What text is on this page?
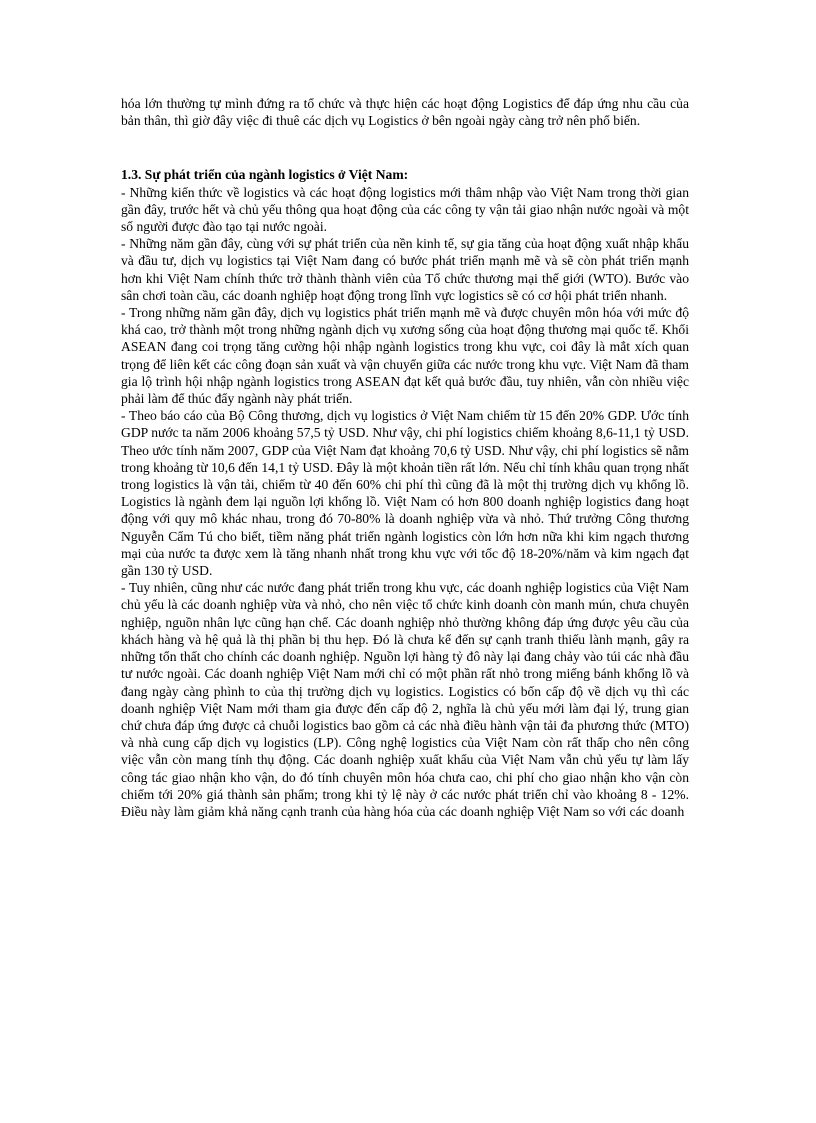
hóa lớn thường tự mình đứng ra tổ chức và thực hiện các hoạt động Logistics để đáp ứng nhu cầu của bản thân, thì giờ đây việc đi thuê các dịch vụ Logistics ở bên ngoài ngày càng trở nên phổ biến.

1.3. Sự phát triển của ngành logistics ở Việt Nam:

- Những kiến thức về logistics và các hoạt động logistics mới thâm nhập vào Việt Nam trong thời gian gần đây, trước hết và chủ yếu thông qua hoạt động của các công ty vận tải giao nhận nước ngoài và một số người được đào tạo tại nước ngoài.

- Những năm gần đây, cùng với sự phát triển của nền kinh tế, sự gia tăng của hoạt động xuất nhập khẩu và đầu tư, dịch vụ logistics tại Việt Nam đang có bước phát triển mạnh mẽ và sẽ còn phát triển mạnh hơn khi Việt Nam chính thức trở thành thành viên của Tổ chức thương mại thế giới (WTO). Bước vào sân chơi toàn cầu, các doanh nghiệp hoạt động trong lĩnh vực logistics sẽ có cơ hội phát triển nhanh.

- Trong những năm gần đây, dịch vụ logistics phát triển mạnh mẽ và được chuyên môn hóa với mức độ khá cao, trở thành một trong những ngành dịch vụ xương sống của hoạt động thương mại quốc tế. Khối ASEAN đang coi trọng tăng cường hội nhập ngành logistics trong khu vực, coi đây là mắt xích quan trọng để liên kết các công đoạn sản xuất và vận chuyển giữa các nước trong khu vực. Việt Nam đã tham gia lộ trình hội nhập ngành logistics trong ASEAN đạt kết quả bước đầu, tuy nhiên, vẫn còn nhiều việc phải làm để thúc đẩy ngành này phát triển.

- Theo báo cáo của Bộ Công thương, dịch vụ logistics ở Việt Nam chiếm từ 15 đến 20% GDP. Ước tính GDP nước ta năm 2006 khoảng 57,5 tỷ USD. Như vậy, chi phí logistics chiếm khoảng 8,6-11,1 tỷ USD. Theo ước tính năm 2007, GDP của Việt Nam đạt khoảng 70,6 tỷ USD. Như vậy, chi phí logistics sẽ nằm trong khoảng từ 10,6 đến 14,1 tỷ USD. Đây là một khoản tiền rất lớn. Nếu chỉ tính khâu quan trọng nhất trong logistics là vận tải, chiếm từ 40 đến 60% chi phí thì cũng đã là một thị trường dịch vụ khổng lồ. Logistics là ngành đem lại nguồn lợi khổng lồ. Việt Nam có hơn 800 doanh nghiệp logistics đang hoạt động với quy mô khác nhau, trong đó 70-80% là doanh nghiệp vừa và nhỏ. Thứ trưởng Công thương Nguyễn Cẩm Tú cho biết, tiềm năng phát triển ngành logistics còn lớn hơn nữa khi kim ngạch thương mại của nước ta được xem là tăng nhanh nhất trong khu vực với tốc độ 18-20%/năm và kim ngạch đạt gần 130 tỷ USD.

- Tuy nhiên, cũng như các nước đang phát triển trong khu vực, các doanh nghiệp logistics của Việt Nam chủ yếu là các doanh nghiệp vừa và nhỏ, cho nên việc tổ chức kinh doanh còn manh mún, chưa chuyên nghiệp, nguồn nhân lực cũng hạn chế. Các doanh nghiệp nhỏ thường không đáp ứng được yêu cầu của khách hàng và hệ quả là thị phần bị thu hẹp. Đó là chưa kể đến sự cạnh tranh thiếu lành mạnh, gây ra những tổn thất cho chính các doanh nghiệp. Nguồn lợi hàng tỷ đô này lại đang chảy vào túi các nhà đầu tư nước ngoài. Các doanh nghiệp Việt Nam mới chỉ có một phần rất nhỏ trong miếng bánh khổng lồ và đang ngày càng phình to của thị trường dịch vụ logistics. Logistics có bốn cấp độ về dịch vụ thì các doanh nghiệp Việt Nam mới tham gia được đến cấp độ 2, nghĩa là chủ yếu mới làm đại lý, trung gian chứ chưa đáp ứng được cả chuỗi logistics bao gồm cả các nhà điều hành vận tải đa phương thức (MTO) và nhà cung cấp dịch vụ logistics (LP). Công nghệ logistics của Việt Nam còn rất thấp cho nên công việc vẫn còn mang tính thụ động. Các doanh nghiệp xuất khẩu của Việt Nam vẫn chủ yếu tự làm lấy công tác giao nhận kho vận, do đó tính chuyên môn hóa chưa cao, chi phí cho giao nhận kho vận còn chiếm tới 20% giá thành sản phẩm; trong khi tỷ lệ này ở các nước phát triển chỉ vào khoảng 8 - 12%. Điều này làm giảm khả năng cạnh tranh của hàng hóa của các doanh nghiệp Việt Nam so với các doanh
